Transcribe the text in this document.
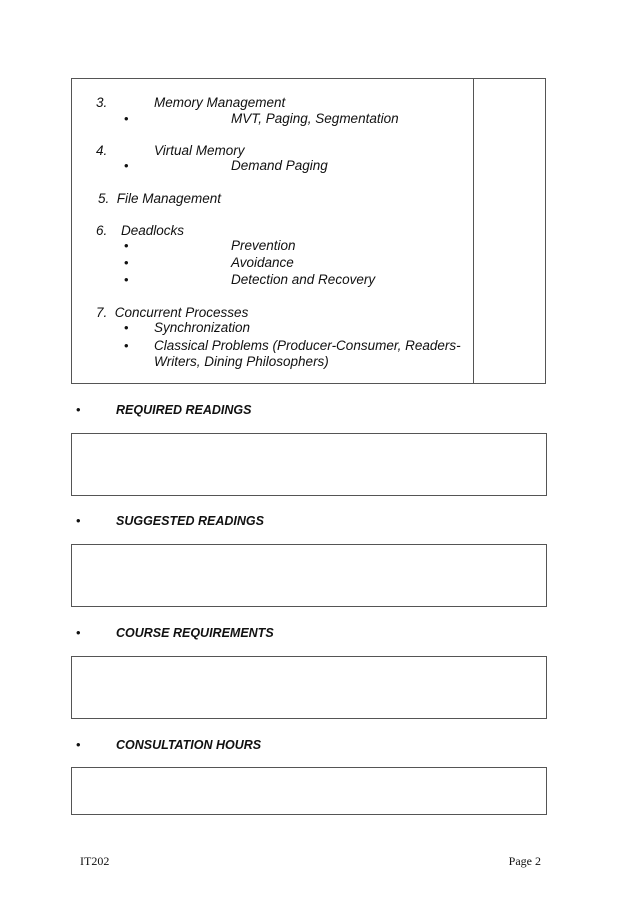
3.	Memory Management
•	MVT, Paging, Segmentation
4.	Virtual Memory
•	Demand Paging
5.  File Management
6. Deadlocks
•	Prevention
•	Avoidance
•	Detection and Recovery
7.  Concurrent Processes
• Synchronization
• Classical Problems (Producer-Consumer, Readers-
Writers, Dining Philosophers)
•	REQUIRED READINGS
•	SUGGESTED READINGS
•	COURSE REQUIREMENTS
•	CONSULTATION HOURS
IT202	Page 2
